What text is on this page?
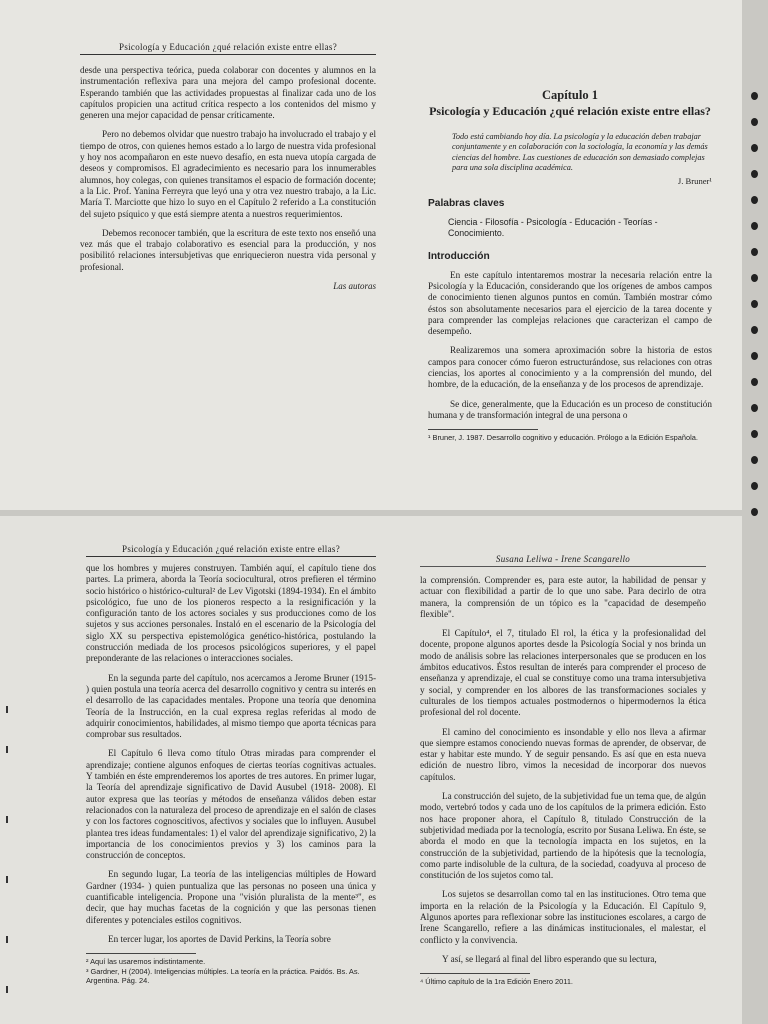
Psicología y Educación ¿qué relación existe entre ellas?

desde una perspectiva teórica, pueda colaborar con docentes y alumnos en la instrumentación reflexiva para una mejora del campo profesional docente. Esperando también que las actividades propuestas al finalizar cada uno de los capítulos propicien una actitud crítica respecto a los contenidos del mismo y generen una mejor capacidad de pensar críticamente.

Pero no debemos olvidar que nuestro trabajo ha involucrado el trabajo y el tiempo de otros, con quienes hemos estado a lo largo de nuestra vida profesional y hoy nos acompañaron en este nuevo desafío, en esta nueva utopía cargada de deseos y compromisos. El agradecimiento es necesario para los innumerables alumnos, hoy colegas, con quienes transitamos el espacio de formación docente; a la Lic. Prof. Yanina Ferreyra que leyó una y otra vez nuestro trabajo, a la Lic. María T. Marciotte que hizo lo suyo en el Capítulo 2 referido a La constitución del sujeto psíquico y que está siempre atenta a nuestros requerimientos.

Debemos reconocer también, que la escritura de este texto nos enseñó una vez más que el trabajo colaborativo es esencial para la producción, y nos posibilitó relaciones intersubjetivas que enriquecieron nuestra vida personal y profesional.

Las autoras
Capítulo 1
Psicología y Educación ¿qué relación existe entre ellas?

Todo está cambiando hoy día. La psicología y la educación deben trabajar conjuntamente y en colaboración con la sociología, la economía y las demás ciencias del hombre. Las cuestiones de educación son demasiado complejas para una sola disciplina académica.

J. Bruner¹
Palabras claves

Ciencia - Filosofía - Psicología - Educación - Teorías - Conocimiento.

Introducción

En este capítulo intentaremos mostrar la necesaria relación entre la Psicología y la Educación, considerando que los orígenes de ambos campos de conocimiento tienen algunos puntos en común. También mostrar cómo éstos son absolutamente necesarios para el ejercicio de la tarea docente y para comprender las complejas relaciones que caracterizan el campo de desempeño.

Realizaremos una somera aproximación sobre la historia de estos campos para conocer cómo fueron estructurándose, sus relaciones con otras ciencias, los aportes al conocimiento y a la comprensión del mundo, del hombre, de la educación, de la enseñanza y de los procesos de aprendizaje.

Se dice, generalmente, que la Educación es un proceso de constitución humana y de transformación integral de una persona o

¹ Bruner, J. 1987. Desarrollo cognitivo y educación. Prólogo a la Edición Española.

Psicología y Educación ¿qué relación existe entre ellas?

que los hombres y mujeres construyen. También aquí, el capítulo tiene dos partes. La primera, aborda la Teoría sociocultural, otros prefieren el término socio histórico o histórico-cultural² de Lev Vigotski (1894-1934). En el ámbito psicológico, fue uno de los pioneros respecto a la resignificación y la configuración tanto de los actores sociales y sus producciones como de los sujetos y sus acciones personales. Instaló en el escenario de la Psicología del siglo XX su perspectiva epistemológica genético-histórica, postulando la construcción mediada de los procesos psicológicos superiores, y el papel preponderante de las relaciones o interacciones sociales.

En la segunda parte del capítulo, nos acercamos a Jerome Bruner (1915- ) quien postula una teoría acerca del desarrollo cognitivo y centra su interés en el desarrollo de las capacidades mentales. Propone una teoría que denomina Teoría de la Instrucción, en la cual expresa reglas referidas al modo de adquirir conocimientos, habilidades, al mismo tiempo que aporta técnicas para comprobar sus resultados.

El Capítulo 6 lleva como título Otras miradas para comprender el aprendizaje; contiene algunos enfoques de ciertas teorías cognitivas actuales. Y también en éste emprenderemos los aportes de tres autores. En primer lugar, la Teoría del aprendizaje significativo de David Ausubel (1918- 2008). El autor expresa que las teorías y métodos de enseñanza válidos deben estar relacionados con la naturaleza del proceso de aprendizaje en el salón de clases y con los factores cognoscitivos, afectivos y sociales que lo influyen. Ausubel plantea tres ideas fundamentales: 1) el valor del aprendizaje significativo, 2) la importancia de los conocimientos previos y 3) los caminos para la construcción de conceptos.

En segundo lugar, La teoría de las inteligencias múltiples de Howard Gardner (1934- ) quien puntualiza que las personas no poseen una única y cuantificable inteligencia. Propone una "visión pluralista de la mente³", es decir, que hay muchas facetas de la cognición y que las personas tienen diferentes y potenciales estilos cognitivos.

En tercer lugar, los aportes de David Perkins, la Teoría sobre

² Aquí las usaremos indistintamente.

³ Gardner, H (2004). Inteligencias múltiples. La teoría en la práctica. Paidós. Bs. As. Argentina. Pág. 24.

Susana Leliwa - Irene Scangarello

la comprensión. Comprender es, para este autor, la habilidad de pensar y actuar con flexibilidad a partir de lo que uno sabe. Para decirlo de otra manera, la comprensión de un tópico es la "capacidad de desempeño flexible".

El Capítulo⁴, el 7, titulado El rol, la ética y la profesionalidad del docente, propone algunos aportes desde la Psicología Social y nos brinda un modo de análisis sobre las relaciones interpersonales que se producen en los ámbitos educativos. Éstos resultan de interés para comprender el proceso de enseñanza y aprendizaje, el cual se constituye como una trama intersubjetiva y social, y comprender en los albores de las transformaciones sociales y culturales de los tiempos actuales postmodernos o hipermodernos la ética profesional del rol docente.

El camino del conocimiento es insondable y ello nos lleva a afirmar que siempre estamos conociendo nuevas formas de aprender, de observar, de estar y habitar este mundo. Y de seguir pensando. Es así que en esta nueva edición de nuestro libro, vimos la necesidad de incorporar dos nuevos capítulos.

La construcción del sujeto, de la subjetividad fue un tema que, de algún modo, vertebró todos y cada uno de los capítulos de la primera edición. Esto nos hace proponer ahora, el Capítulo 8, titulado Construcción de la subjetividad mediada por la tecnología, escrito por Susana Leliwa. En éste, se aborda el modo en que la tecnología impacta en los sujetos, en la construcción de la subjetividad, partiendo de la hipótesis que la tecnología, como parte indisoluble de la cultura, de la sociedad, coadyuva al proceso de constitución de los sujetos como tal.

Los sujetos se desarrollan como tal en las instituciones. Otro tema que importa en la relación de la Psicología y la Educación. El Capítulo 9, Algunos aportes para reflexionar sobre las instituciones escolares, a cargo de Irene Scangarello, refiere a las dinámicas institucionales, el malestar, el conflicto y la convivencia.

Y así, se llegará al final del libro esperando que su lectura,

⁴ Último capítulo de la 1ra Edición Enero 2011.
